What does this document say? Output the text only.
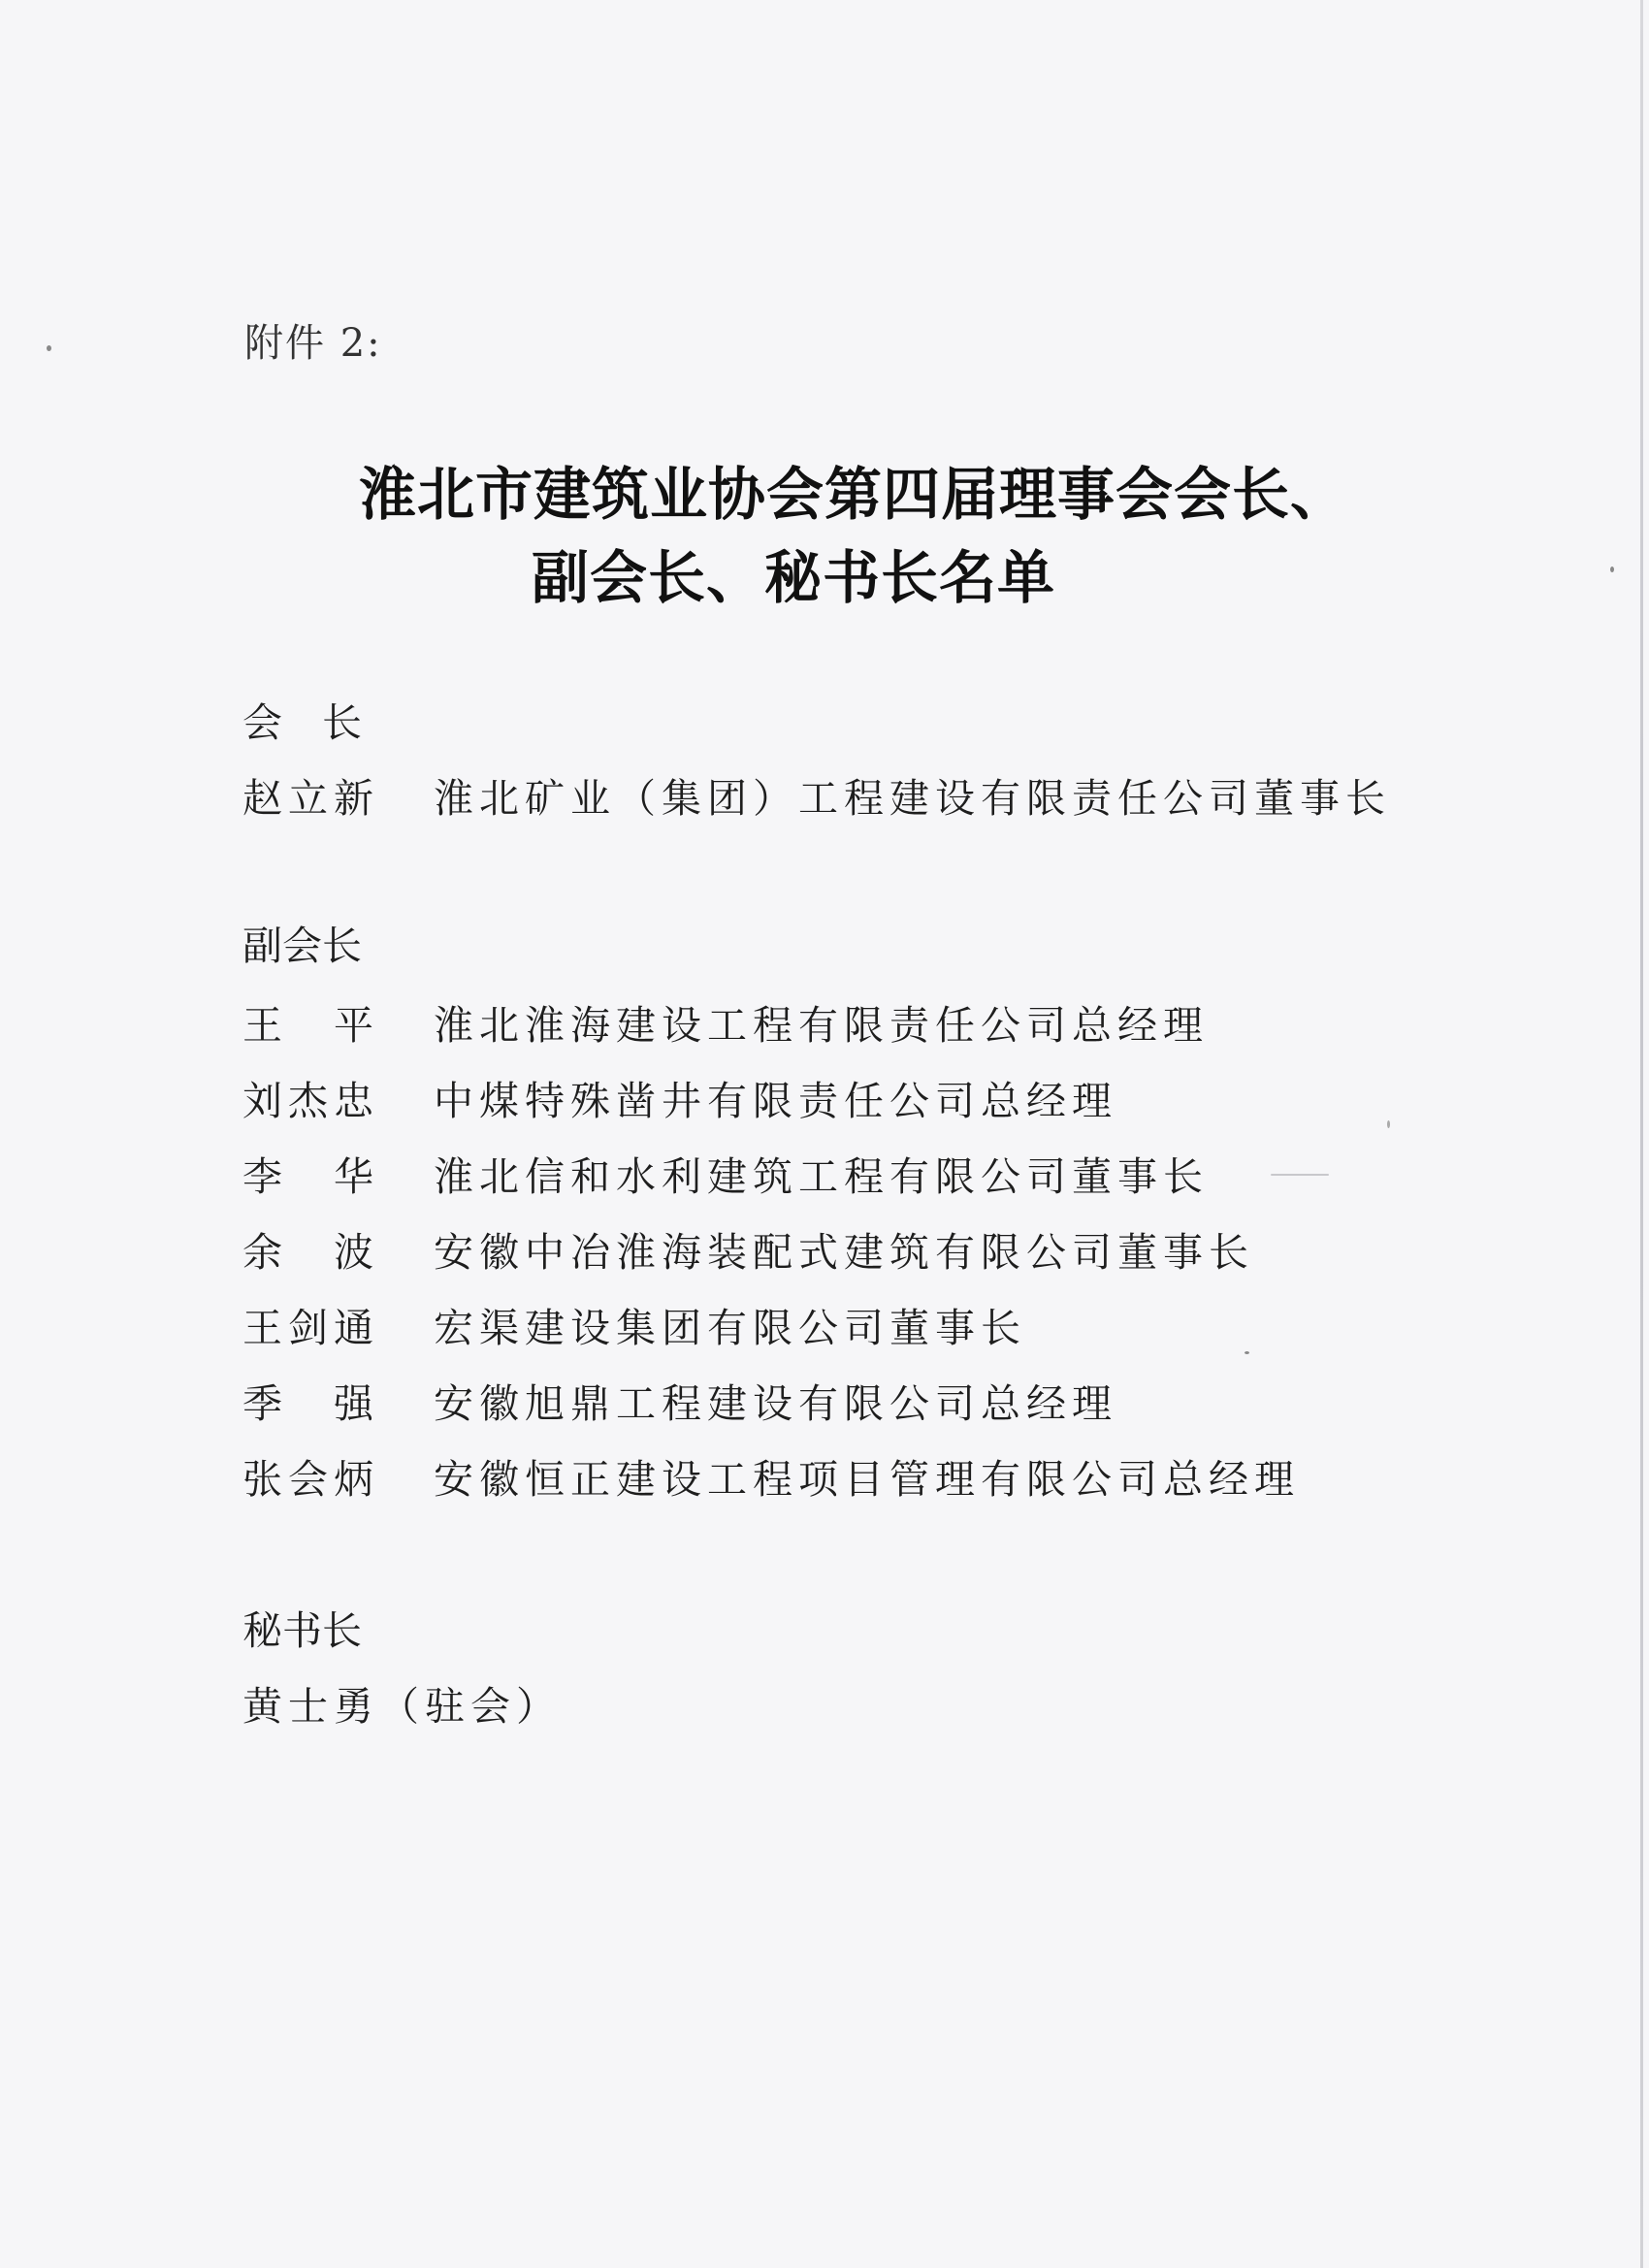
附件 2:
淮北市建筑业协会第四届理事会会长、
副会长、秘书长名单
会　长
赵立新 淮北矿业（集团）工程建设有限责任公司董事长
副会长
王 平 淮北淮海建设工程有限责任公司总经理
刘杰忠 中煤特殊凿井有限责任公司总经理
李 华 淮北信和水利建筑工程有限公司董事长
余 波 安徽中冶淮海装配式建筑有限公司董事长
王剑通 宏渠建设集团有限公司董事长
季 强 安徽旭鼎工程建设有限公司总经理
张会炳 安徽恒正建设工程项目管理有限公司总经理
秘书长
黄士勇（驻会）
